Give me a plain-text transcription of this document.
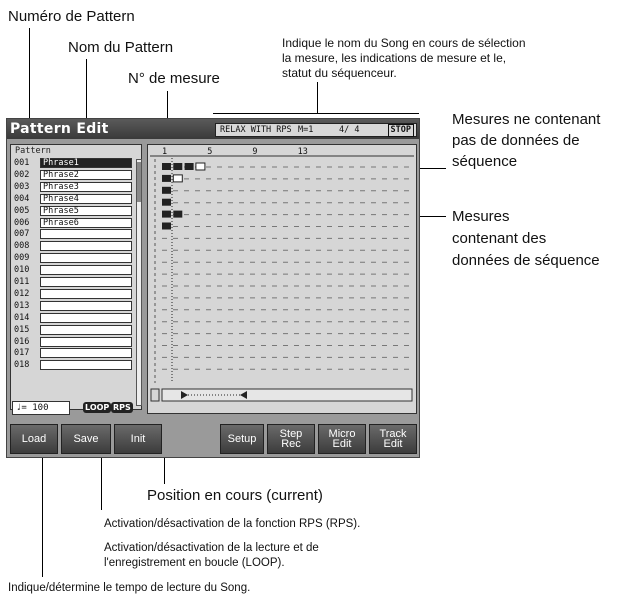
Numéro de Pattern
Nom du Pattern
N° de mesure
Indique le nom du Song en cours de sélection
la mesure, les indications de mesure et le,
statut du séquenceur.
Mesures ne contenant
pas de données de
séquence
Mesures
contenant des
données de séquence
Position en cours (current)
Activation/désactivation de la fonction RPS (RPS).
Activation/désactivation de la lecture et de
l'enregistrement en boucle (LOOP).
Indique/détermine le tempo de lecture du Song.
Pattern Edit	RELAX WITH RPS M=1	4/ 4	STOP
Pattern
001	Phrase1
002	Phrase2
003	Phrase3
004	Phrase4
005	Phrase5
006	Phrase6
007
008
009
010
011
012
013
014
015
016
017
018
♩= 100	LOOP RPS
1	5	9	13
Load Save	Init	Setup Step
Rec
Micro
Edit
Track
Edit
